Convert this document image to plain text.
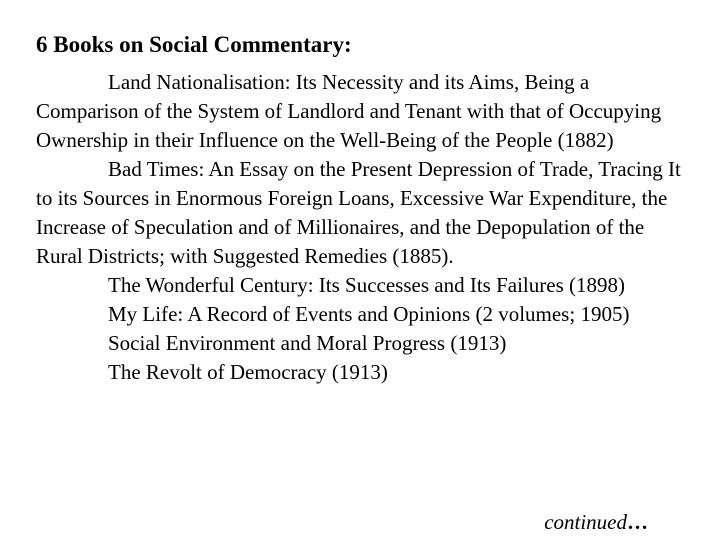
6 Books on Social Commentary:

Land Nationalisation: Its Necessity and its Aims, Being a Comparison of the System of Landlord and Tenant with that of Occupying Ownership in their Influence on the Well-Being of the People (1882)

Bad Times: An Essay on the Present Depression of Trade, Tracing It to its Sources in Enormous Foreign Loans, Excessive War Expenditure, the Increase of Speculation and of Millionaires, and the Depopulation of the Rural Districts; with Suggested Remedies (1885).

The Wonderful Century: Its Successes and Its Failures (1898)

My Life: A Record of Events and Opinions (2 volumes; 1905)

Social Environment and Moral Progress (1913)

The Revolt of Democracy (1913)

continued…
